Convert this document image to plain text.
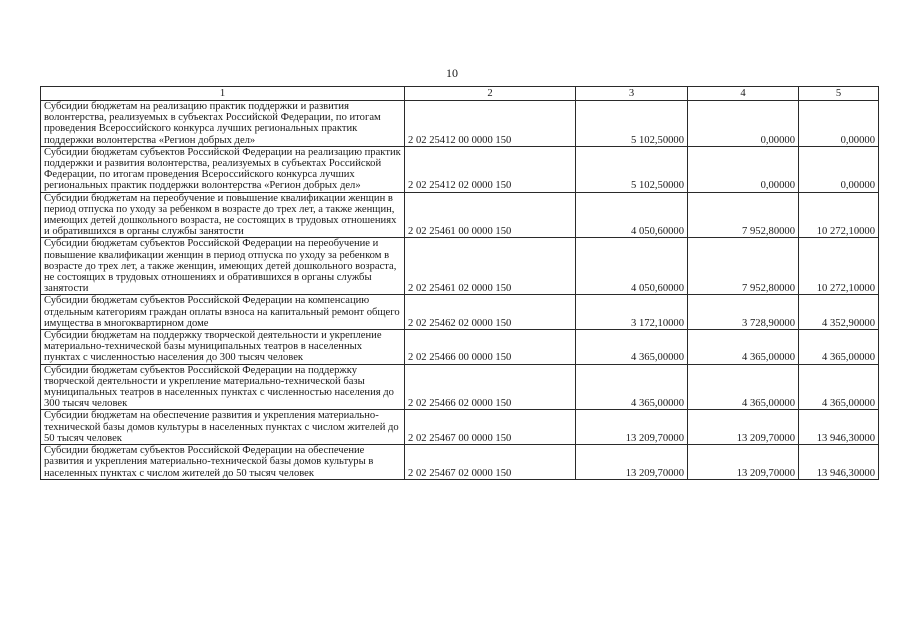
10
1	2	3	4	5
Субсидии бюджетам на реализацию практик поддержки и развития волонтерства, реализуемых в субъектах Российской Федерации, по итогам проведения Всероссийского конкурса лучших региональных практик поддержки волонтерства «Регион добрых дел»	2 02 25412 00 0000 150	5 102,50000	0,00000	0,00000
Субсидии бюджетам субъектов Российской Федерации на реализацию практик поддержки и развития волонтерства, реализуемых в субъектах Российской Федерации, по итогам проведения Всероссийского конкурса лучших региональных практик поддержки волонтерства «Регион добрых дел»	2 02 25412 02 0000 150	5 102,50000	0,00000	0,00000
Субсидии бюджетам на переобучение и повышение квалификации женщин в период отпуска по уходу за ребенком в возрасте до трех лет, а также женщин, имеющих детей дошкольного возраста, не состоящих в трудовых отношениях и обратившихся в органы службы занятости	2 02 25461 00 0000 150	4 050,60000	7 952,80000	10 272,10000
Субсидии бюджетам субъектов Российской Федерации на переобучение и повышение квалификации женщин в период отпуска по уходу за ребенком в возрасте до трех лет, а также женщин, имеющих детей дошкольного возраста, не состоящих в трудовых отношениях и обратившихся в органы службы занятости	2 02 25461 02 0000 150	4 050,60000	7 952,80000	10 272,10000
Субсидии бюджетам субъектов Российской Федерации на компенсацию отдельным категориям граждан оплаты взноса на капитальный ремонт общего имущества в многоквартирном доме	2 02 25462 02 0000 150	3 172,10000	3 728,90000	4 352,90000
Субсидии бюджетам на поддержку творческой деятельности и укрепление материально-технической базы муниципальных театров в населенных пунктах с численностью населения до 300 тысяч человек	2 02 25466 00 0000 150	4 365,00000	4 365,00000	4 365,00000
Субсидии бюджетам субъектов Российской Федерации на поддержку творческой деятельности и укрепление материально-технической базы муниципальных театров в населенных пунктах с численностью населения до 300 тысяч человек	2 02 25466 02 0000 150	4 365,00000	4 365,00000	4 365,00000
Субсидии бюджетам на обеспечение развития и укрепления материально-технической базы домов культуры в населенных пунктах с числом жителей до 50 тысяч человек	2 02 25467 00 0000 150	13 209,70000	13 209,70000	13 946,30000
Субсидии бюджетам субъектов Российской Федерации на обеспечение развития и укрепления материально-технической базы домов культуры в населенных пунктах с числом жителей до 50 тысяч человек	2 02 25467 02 0000 150	13 209,70000	13 209,70000	13 946,30000
